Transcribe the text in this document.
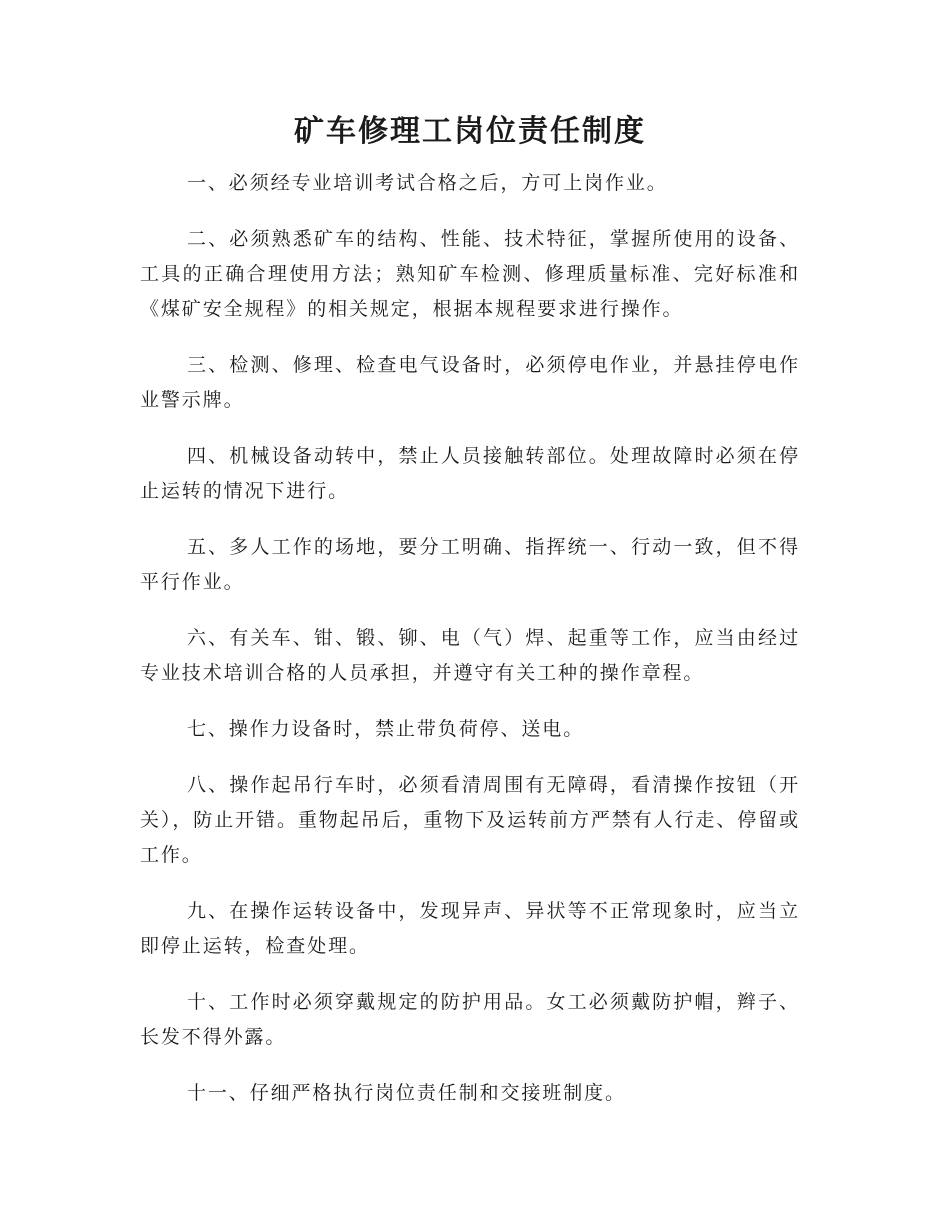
矿车修理工岗位责任制度

一、必须经专业培训考试合格之后，方可上岗作业。

二、必须熟悉矿车的结构、性能、技术特征，掌握所使用的设备、工具的正确合理使用方法；熟知矿车检测、修理质量标准、完好标准和《煤矿安全规程》的相关规定，根据本规程要求进行操作。

三、检测、修理、检查电气设备时，必须停电作业，并悬挂停电作业警示牌。

四、机械设备动转中，禁止人员接触转部位。处理故障时必须在停止运转的情况下进行。

五、多人工作的场地，要分工明确、指挥统一、行动一致，但不得平行作业。

六、有关车、钳、锻、铆、电（气）焊、起重等工作，应当由经过专业技术培训合格的人员承担，并遵守有关工种的操作章程。

七、操作力设备时，禁止带负荷停、送电。

八、操作起吊行车时，必须看清周围有无障碍，看清操作按钮（开关），防止开错。重物起吊后，重物下及运转前方严禁有人行走、停留或工作。

九、在操作运转设备中，发现异声、异状等不正常现象时，应当立即停止运转，检查处理。

十、工作时必须穿戴规定的防护用品。女工必须戴防护帽，辫子、长发不得外露。

十一、仔细严格执行岗位责任制和交接班制度。
